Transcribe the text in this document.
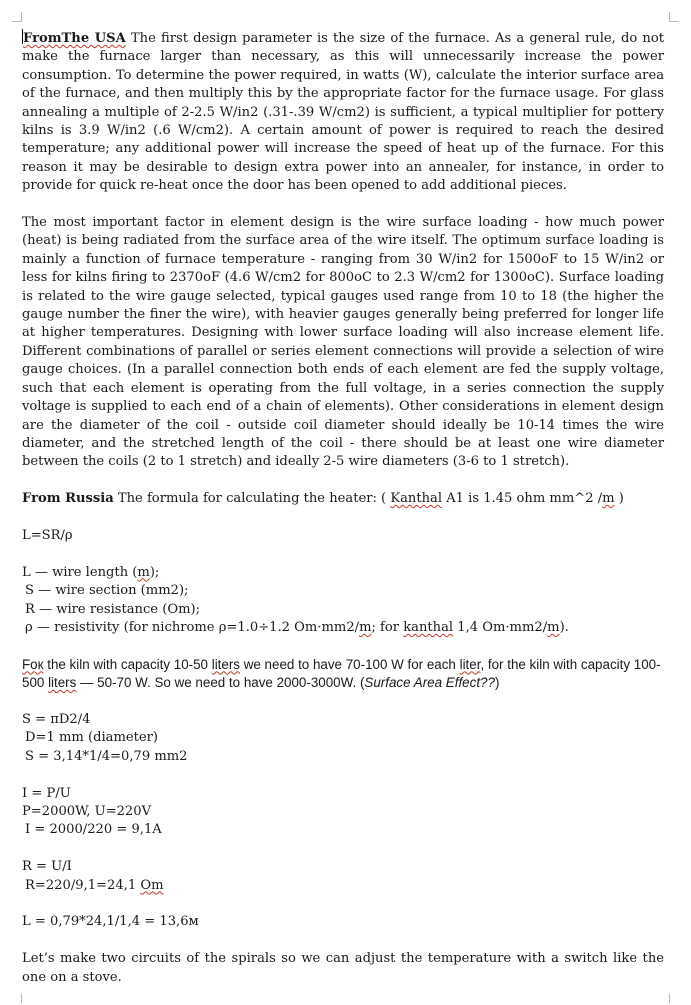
FromThe USA The first design parameter is the size of the furnace. As a general rule, do not make the furnace larger than necessary, as this will unnecessarily increase the power consumption. To determine the power required, in watts (W), calculate the interior surface area of the furnace, and then multiply this by the appropriate factor for the furnace usage. For glass annealing a multiple of 2-2.5 W/in2 (.31-.39 W/cm2) is sufficient, a typical multiplier for pottery kilns is 3.9 W/in2 (.6 W/cm2). A certain amount of power is required to reach the desired temperature; any additional power will increase the speed of heat up of the furnace. For this reason it may be desirable to design extra power into an annealer, for instance, in order to provide for quick re-heat once the door has been opened to add additional pieces.

The most important factor in element design is the wire surface loading - how much power (heat) is being radiated from the surface area of the wire itself. The optimum surface loading is mainly a function of furnace temperature - ranging from 30 W/in2 for 1500oF to 15 W/in2 or less for kilns firing to 2370oF (4.6 W/cm2 for 800oC to 2.3 W/cm2 for 1300oC). Surface loading is related to the wire gauge selected, typical gauges used range from 10 to 18 (the higher the gauge number the finer the wire), with heavier gauges generally being preferred for longer life at higher temperatures. Designing with lower surface loading will also increase element life. Different combinations of parallel or series element connections will provide a selection of wire gauge choices. (In a parallel connection both ends of each element are fed the supply voltage, such that each element is operating from the full voltage, in a series connection the supply voltage is supplied to each end of a chain of elements). Other considerations in element design are the diameter of the coil - outside coil diameter should ideally be 10-14 times the wire diameter, and the stretched length of the coil - there should be at least one wire diameter between the coils (2 to 1 stretch) and ideally 2-5 wire diameters (3-6 to 1 stretch).

From Russia The formula for calculating the heater: ( Kanthal A1 is 1.45 ohm mm^2 /m )

L=SR/ρ

L — wire length (m);

S — wire section (mm2);

R — wire resistance (Om);

ρ — resistivity (for nichrome ρ=1.0÷1.2 Om·mm2/m; for kanthal 1,4 Om·mm2/m).

Foк the kiln with capacity 10-50 liters we need to have 70-100 W for each liter, for the kiln with capacity 100-500 liters — 50-70 W. So we need to have 2000-3000W. (Surface Area Effect??)

S = πD2/4

D=1 mm (diameter)

S = 3,14*1/4=0,79 mm2

I = P/U

P=2000W, U=220V

I = 2000/220 = 9,1A

R = U/I

R=220/9,1=24,1 Om

L = 0,79*24,1/1,4 = 13,6м

Let’s make two circuits of the spirals so we can adjust the temperature with a switch like the one on a stove.
